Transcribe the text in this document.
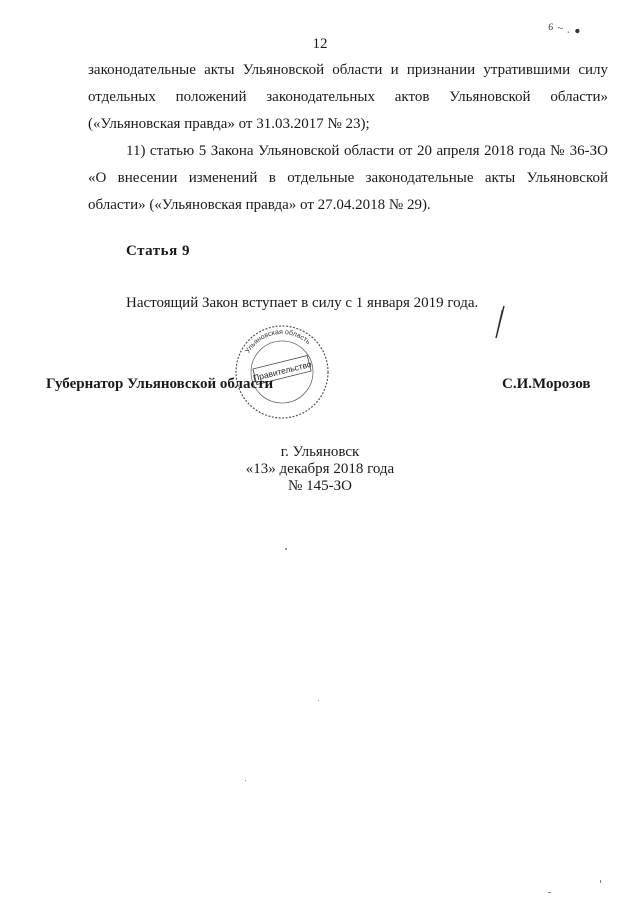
12
6 ~ . ●

законодательные акты Ульяновской области и признании утратившими силу отдельных положений законодательных актов Ульяновской области» («Ульяновская правда» от 31.03.2017 № 23);

11) статью 5 Закона Ульяновской области от 20 апреля 2018 года № 36-ЗО «О внесении изменений в отдельные законодательные акты Ульяновской области» («Ульяновская правда» от 27.04.2018 № 29).

Статья 9
Настоящий Закон вступает в силу с 1 января 2019 года.
Ульяновская область
Правительство
Губернатор Ульяновской области	С.И.Морозов
г. Ульяновск
«13» декабря 2018 года
№ 145-ЗО
